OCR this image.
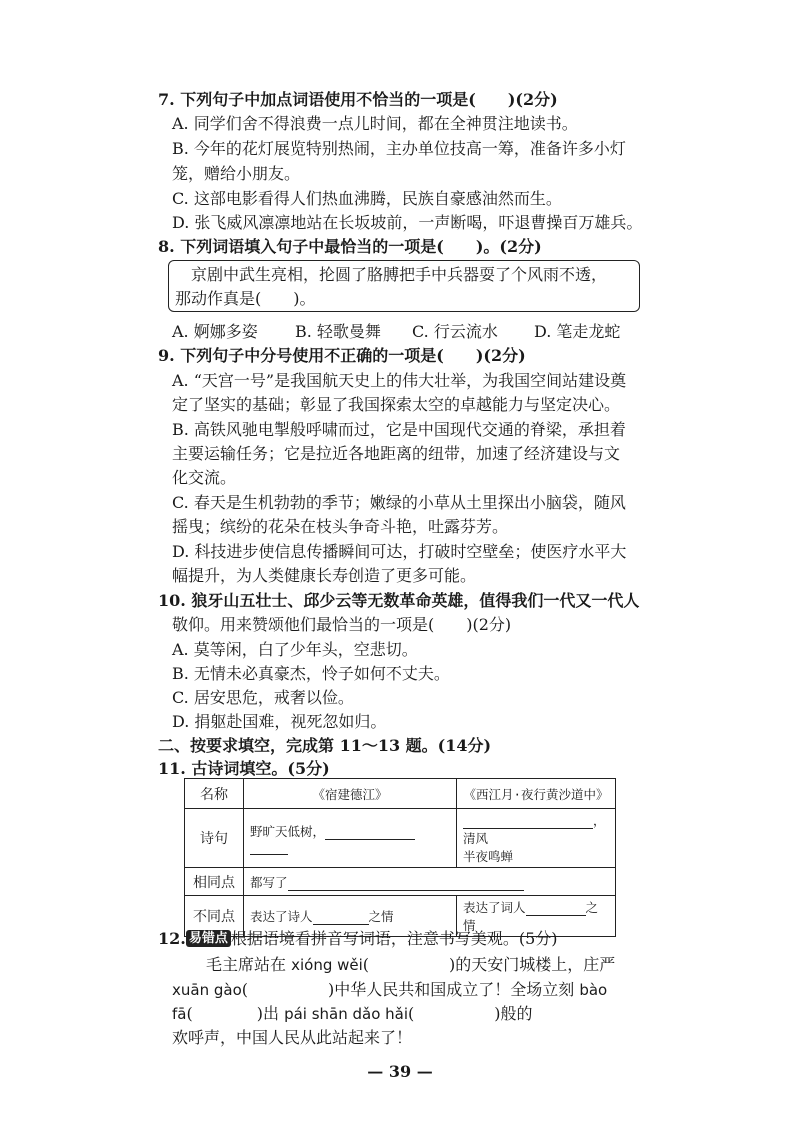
7. 下列句子中加点词语使用不恰当的一项是(　　)(2分)
A. 同学们舍不得浪费一点儿时间，都在全神贯注地读书。
B. 今年的花灯展览特别热闹，主办单位技高一筹，准备许多小灯
笼，赠给小朋友。
C. 这部电影看得人们热血沸腾，民族自豪感油然而生。
D. 张飞威风凛凛地站在长坂坡前，一声断喝，吓退曹操百万雄兵。
8. 下列词语填入句子中最恰当的一项是(　　)。(2分)
　京剧中武生亮相，抡圆了胳膊把手中兵器耍了个风雨不透，
那动作真是(　　)。
A. 婀娜多姿 B. 轻歌曼舞 C. 行云流水 D. 笔走龙蛇
9. 下列句子中分号使用不正确的一项是(　　)(2分)
A. “天宫一号”是我国航天史上的伟大壮举，为我国空间站建设奠
定了坚实的基础；彰显了我国探索太空的卓越能力与坚定决心。
B. 高铁风驰电掣般呼啸而过，它是中国现代交通的脊梁，承担着
主要运输任务；它是拉近各地距离的纽带，加速了经济建设与文
化交流。
C. 春天是生机勃勃的季节；嫩绿的小草从土里探出小脑袋，随风
摇曳；缤纷的花朵在枝头争奇斗艳，吐露芬芳。
D. 科技进步使信息传播瞬间可达，打破时空壁垒；使医疗水平大
幅提升，为人类健康长寿创造了更多可能。
10. 狼牙山五壮士、邱少云等无数革命英雄，值得我们一代又一代人
敬仰。用来赞颂他们最恰当的一项是(　　)(2分)
A. 莫等闲，白了少年头，空悲切。
B. 无情未必真豪杰，怜子如何不丈夫。
C. 居安思危，戒奢以俭。
D. 捐躯赴国难，视死忽如归。
二、按要求填空，完成第 11～13 题。(14分)
11. 古诗词填空。(5分)
名称	《宿建德江》	《西江月·夜行黄沙道中》
诗句	野旷天低树，	，清风
半夜鸣蝉
相同点	都写了	
不同点	表达了诗人 之情	表达了词人 之情
12. 易错点 根据语境看拼音写词语，注意书写美观。(5分)
毛主席站在 xióng wěi(　　　　　)的天安门城楼上，庄严
xuān gào(　　　　　)中华人民共和国成立了！全场立刻 bào
fā(　　　　)出 pái shān dǎo hǎi(　　　　　)般的
欢呼声，中国人民从此站起来了！
— 39 —
